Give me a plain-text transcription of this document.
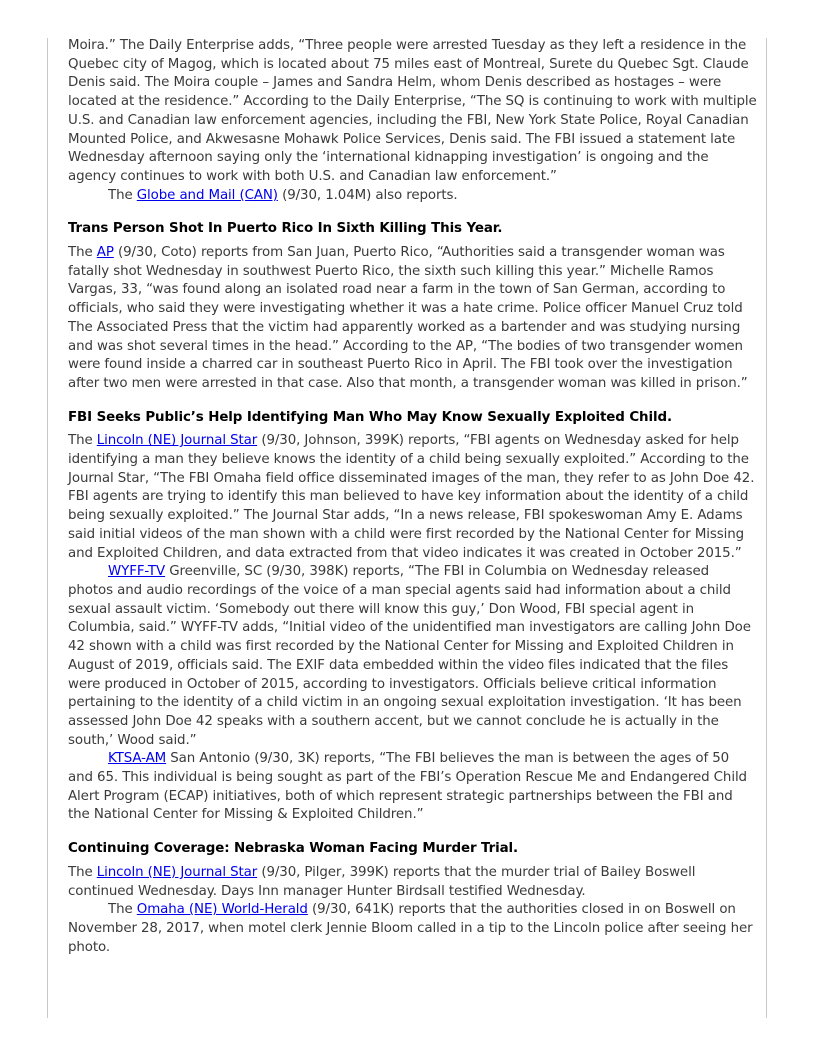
Moira.” The Daily Enterprise adds, “Three people were arrested Tuesday as they left a residence in the Quebec city of Magog, which is located about 75 miles east of Montreal, Surete du Quebec Sgt. Claude Denis said. The Moira couple – James and Sandra Helm, whom Denis described as hostages – were located at the residence.” According to the Daily Enterprise, “The SQ is continuing to work with multiple U.S. and Canadian law enforcement agencies, including the FBI, New York State Police, Royal Canadian Mounted Police, and Akwesasne Mohawk Police Services, Denis said. The FBI issued a statement late Wednesday afternoon saying only the ‘international kidnapping investigation’ is ongoing and the agency continues to work with both U.S. and Canadian law enforcement.”

The Globe and Mail (CAN) (9/30, 1.04M) also reports.

Trans Person Shot In Puerto Rico In Sixth Killing This Year.

The AP (9/30, Coto) reports from San Juan, Puerto Rico, “Authorities said a transgender woman was fatally shot Wednesday in southwest Puerto Rico, the sixth such killing this year.” Michelle Ramos Vargas, 33, “was found along an isolated road near a farm in the town of San German, according to officials, who said they were investigating whether it was a hate crime. Police officer Manuel Cruz told The Associated Press that the victim had apparently worked as a bartender and was studying nursing and was shot several times in the head.” According to the AP, “The bodies of two transgender women were found inside a charred car in southeast Puerto Rico in April. The FBI took over the investigation after two men were arrested in that case. Also that month, a transgender woman was killed in prison.”

FBI Seeks Public’s Help Identifying Man Who May Know Sexually Exploited Child.

The Lincoln (NE) Journal Star (9/30, Johnson, 399K) reports, “FBI agents on Wednesday asked for help identifying a man they believe knows the identity of a child being sexually exploited.” According to the Journal Star, “The FBI Omaha field office disseminated images of the man, they refer to as John Doe 42. FBI agents are trying to identify this man believed to have key information about the identity of a child being sexually exploited.” The Journal Star adds, “In a news release, FBI spokeswoman Amy E. Adams said initial videos of the man shown with a child were first recorded by the National Center for Missing and Exploited Children, and data extracted from that video indicates it was created in October 2015.”

WYFF-TV Greenville, SC (9/30, 398K) reports, “The FBI in Columbia on Wednesday released photos and audio recordings of the voice of a man special agents said had information about a child sexual assault victim. ‘Somebody out there will know this guy,’ Don Wood, FBI special agent in Columbia, said.” WYFF-TV adds, “Initial video of the unidentified man investigators are calling John Doe 42 shown with a child was first recorded by the National Center for Missing and Exploited Children in August of 2019, officials said. The EXIF data embedded within the video files indicated that the files were produced in October of 2015, according to investigators. Officials believe critical information pertaining to the identity of a child victim in an ongoing sexual exploitation investigation. ‘It has been assessed John Doe 42 speaks with a southern accent, but we cannot conclude he is actually in the south,’ Wood said.”

KTSA-AM San Antonio (9/30, 3K) reports, “The FBI believes the man is between the ages of 50 and 65. This individual is being sought as part of the FBI’s Operation Rescue Me and Endangered Child Alert Program (ECAP) initiatives, both of which represent strategic partnerships between the FBI and the National Center for Missing & Exploited Children.”

Continuing Coverage: Nebraska Woman Facing Murder Trial.

The Lincoln (NE) Journal Star (9/30, Pilger, 399K) reports that the murder trial of Bailey Boswell continued Wednesday. Days Inn manager Hunter Birdsall testified Wednesday.

The Omaha (NE) World-Herald (9/30, 641K) reports that the authorities closed in on Boswell on November 28, 2017, when motel clerk Jennie Bloom called in a tip to the Lincoln police after seeing her photo.
